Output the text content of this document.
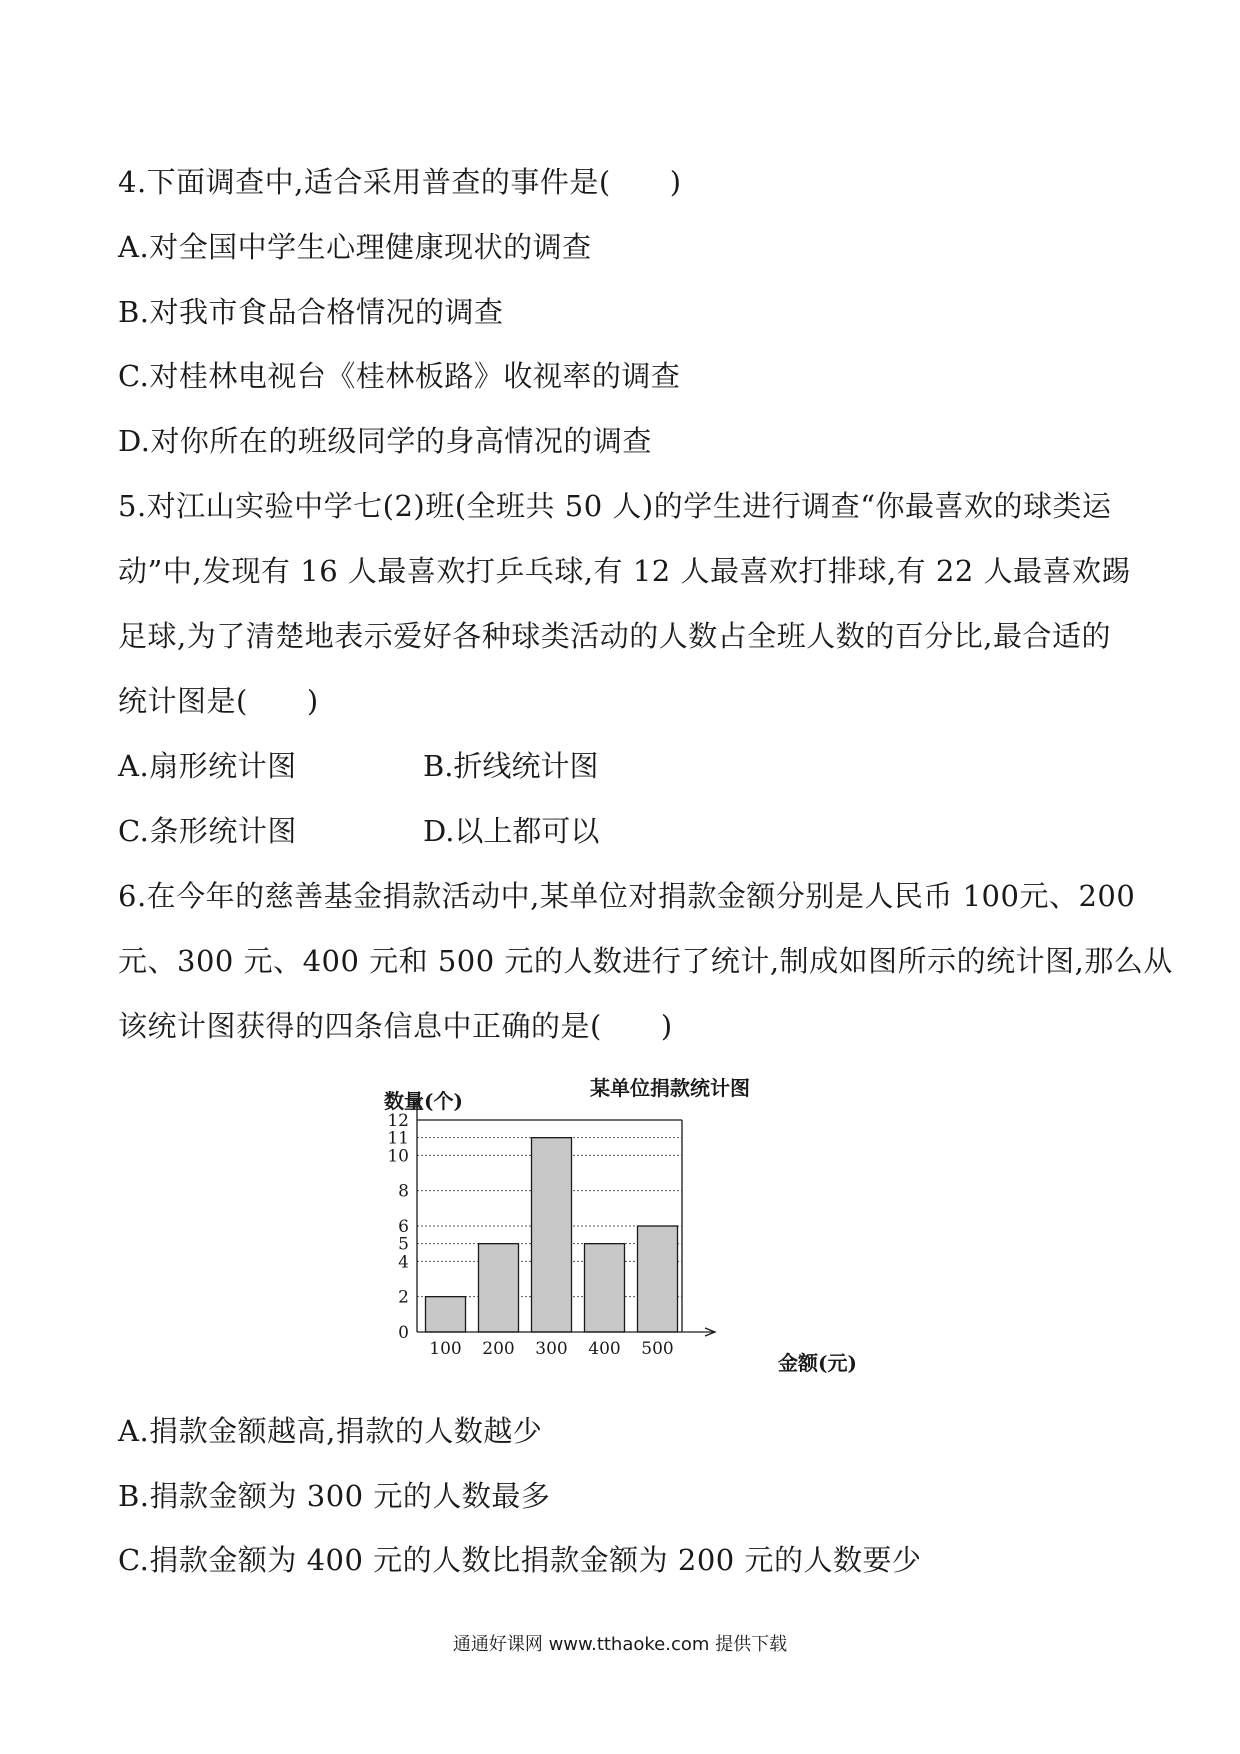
4.下面调查中,适合采用普查的事件是(　　)
A.对全国中学生心理健康现状的调查
B.对我市食品合格情况的调查
C.对桂林电视台《桂林板路》收视率的调查
D.对你所在的班级同学的身高情况的调查
5.对江山实验中学七(2)班(全班共 50 人)的学生进行调查“你最喜欢的球类运
动”中,发现有 16 人最喜欢打乒乓球,有 12 人最喜欢打排球,有 22 人最喜欢踢
足球,为了清楚地表示爱好各种球类活动的人数占全班人数的百分比,最合适的
统计图是(　　)
A.扇形统计图	B.折线统计图
C.条形统计图	D.以上都可以
6.在今年的慈善基金捐款活动中,某单位对捐款金额分别是人民币 100元、200
元、300 元、400 元和 500 元的人数进行了统计,制成如图所示的统计图,那么从
该统计图获得的四条信息中正确的是(　　)
某单位捐款统计图
数量(个)
金额(元)
0
2
4
5
6
8
10
11
12
100 200 300 400 500
A.捐款金额越高,捐款的人数越少
B.捐款金额为 300 元的人数最多
C.捐款金额为 400 元的人数比捐款金额为 200 元的人数要少
通通好课网 www.tthaoke.com 提供下载
